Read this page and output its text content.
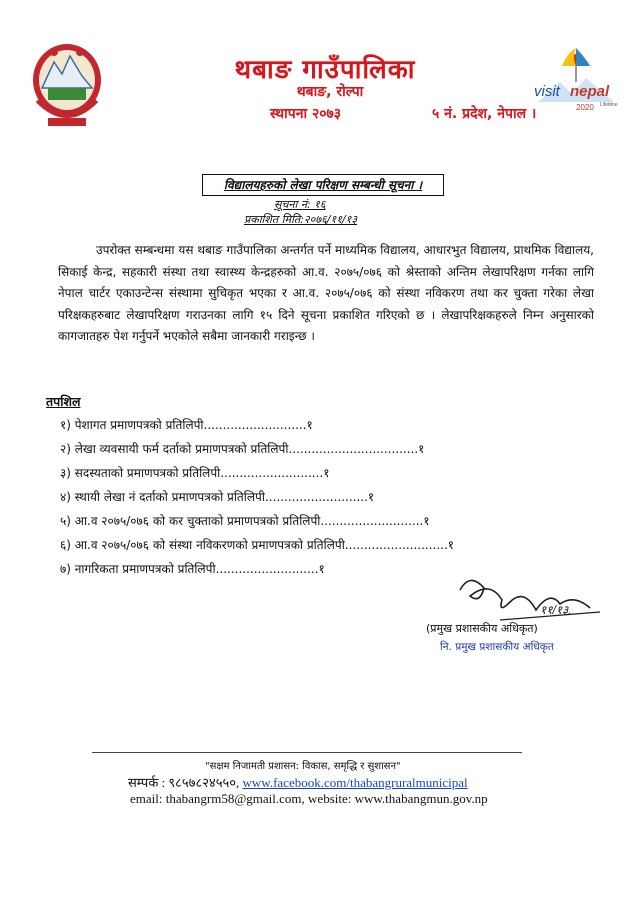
visit nepal
2020 Lifetime
थबाङ गाउँपालिका
थबाङ, रोल्पा
स्थापना २०७३	५ नं. प्रदेश, नेपाल ।
विद्यालयहरुको लेखा परिक्षण सम्बन्धी सूचना ।
सूचना नं: १६
प्रकाशित मिति:२०७६/११/१३
उपरोक्त सम्बन्धमा यस थबाङ गाउँपालिका अन्तर्गत पर्ने माध्यमिक विद्यालय, आधारभुत विद्यालय, प्राथमिक विद्यालय, सिकाई केन्द्र, सहकारी संस्था तथा स्वास्थ्य केन्द्रहरुको आ.व. २०७५/०७६ को श्रेस्ताको अन्तिम लेखापरिक्षण गर्नका लागि नेपाल चार्टर एकाउन्टेन्स संस्थामा सुचिकृत भएका र आ.व. २०७५/०७६ को संस्था नविकरण तथा कर चुक्ता गरेका लेखा परिक्षकहरुबाट लेखापरिक्षण गराउनका लागि १५ दिने सूचना प्रकाशित गरिएको छ । लेखापरिक्षकहरुले निम्न अनुसारको कागजातहरु पेश गर्नुपर्ने भएकोले सबैमा जानकारी गराइन्छ ।
तपशिल
१) पेशागत प्रमाणपत्रको प्रतिलिपी...........................१
२) लेखा व्यवसायी फर्म दर्ताको प्रमाणपत्रको प्रतिलिपी..................................१
३) सदस्यताको प्रमाणपत्रको प्रतिलिपी...........................१
४) स्थायी लेखा नं दर्ताको प्रमाणपत्रको प्रतिलिपी...........................१
५) आ.व २०७५/०७६ को कर चुक्ताको प्रमाणपत्रको प्रतिलिपी...........................१
६) आ.व २०७५/०७६ को संस्था नविकरणको प्रमाणपत्रको प्रतिलिपी...........................१
७) नागरिकता प्रमाणपत्रको प्रतिलिपी...........................१
११/१३.
(प्रमुख प्रशासकीय अधिकृत)
नि. प्रमुख प्रशासकीय अधिकृत
"सक्षम निजामती प्रशासन: विकास, समृद्धि र सुशासन"
सम्पर्क : ९८५७८२४५५०, www.facebook.com/thabangruralmunicipal
email: thabangrm58@gmail.com, website: www.thabangmun.gov.np
